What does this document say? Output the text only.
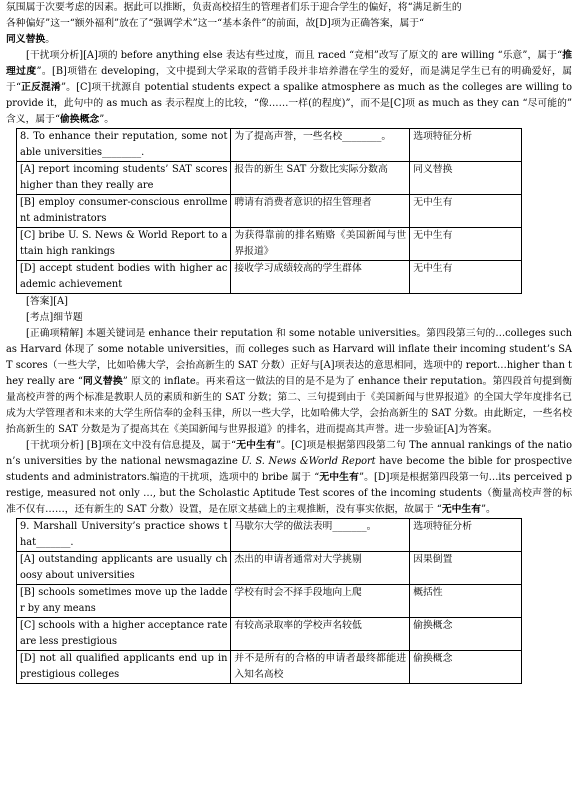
氛围属于次要考虑的因素。据此可以推断，负责高校招生的管理者们乐于迎合学生的偏好，将“满足新生的

各种偏好”这一“额外福利”放在了“强调学术”这一“基本条件”的前面，故[D]项为正确答案，属于“

同义替换。

[干扰项分析][A]项的 before anything else 表达有些过度，而且 raced “竞相”改写了原文的 are willing “乐意”，属于“推理过度”。[B]项错在 developing，文中提到大学采取的营销手段并非培养潜在学生的爱好，而是满足学生已有的明确爱好，属于“正反混淆”。[C]项干扰源自 potential students expect a spalike atmosphere as much as the colleges are willing to provide it，此句中的 as much as 表示程度上的比较，“像……一样(的程度)”，而不是[C]项 as much as they can “尽可能的” 含义，属于“偷换概念”。

8. To enhance their reputation, some notable universities________.	为了提高声誉，一些名校________。	选项特征分析
[A] report incoming students’ SAT scores higher than they really are	报告的新生 SAT 分数比实际分数高	同义替换
[B] employ consumer-conscious enrollment administrators	聘请有消费者意识的招生管理者	无中生有
[C] bribe U. S. News & World Report to attain high rankings	为获得靠前的排名贿赂《美国新闻与世界报道》	无中生有
[D] accept student bodies with higher academic achievement	接收学习成绩较高的学生群体	无中生有

[答案][A]

[考点]细节题

[正确项精解] 本题关键词是 enhance their reputation 和 some notable universities。第四段第三句的…colleges such as Harvard 体现了 some notable universities，而 colleges such as Harvard will inflate their incoming student’s SAT scores（一些大学，比如哈佛大学，会抬高新生的 SAT 分数）正好与[A]项表达的意思相同，选项中的 report…higher than they really are “同义替换” 原文的 inflate。再来看这一做法的目的是不是为了 enhance their reputation。第四段首句提到衡量高校声誉的两个标准是教职人员的素质和新生的 SAT 分数；第二、三句提到由于《美国新闻与世界报道》的全国大学年度排名已成为大学管理者和未来的大学生所信奉的金科玉律，所以一些大学，比如哈佛大学，会抬高新生的 SAT 分数。由此断定，一些名校抬高新生的 SAT 分数是为了提高其在《美国新闻与世界报道》的排名，进而提高其声誉。进一步验证[A]为答案。

[干扰项分析] [B]项在文中没有信息提及，属于“无中生有”。[C]项是根据第四段第二句 The annual rankings of the nation’s universities by the national newsmagazine U. S. News &World Report have become the bible for prospective students and administrators.编造的干扰项，选项中的 bribe 属于 “无中生有”。[D]项是根据第四段第一句…its perceived prestige, measured not only …, but the Scholastic Aptitude Test scores of the incoming students（衡量高校声誉的标准不仅有……，还有新生的 SAT 分数）设置，是在原文基础上的主观推断，没有事实依据，故属于 “无中生有”。

9. Marshall University’s practice shows that_______.	马歇尔大学的做法表明_______。	选项特征分析
[A] outstanding applicants are usually choosy about universities	杰出的申请者通常对大学挑剔	因果倒置
[B] schools sometimes move up the ladder by any means	学校有时会不择手段地向上爬	概括性
[C] schools with a higher acceptance rate are less prestigious	有较高录取率的学校声名较低	偷换概念
[D] not all qualified applicants end up in prestigious colleges	并不是所有的合格的申请者最终都能进入知名高校	偷换概念
